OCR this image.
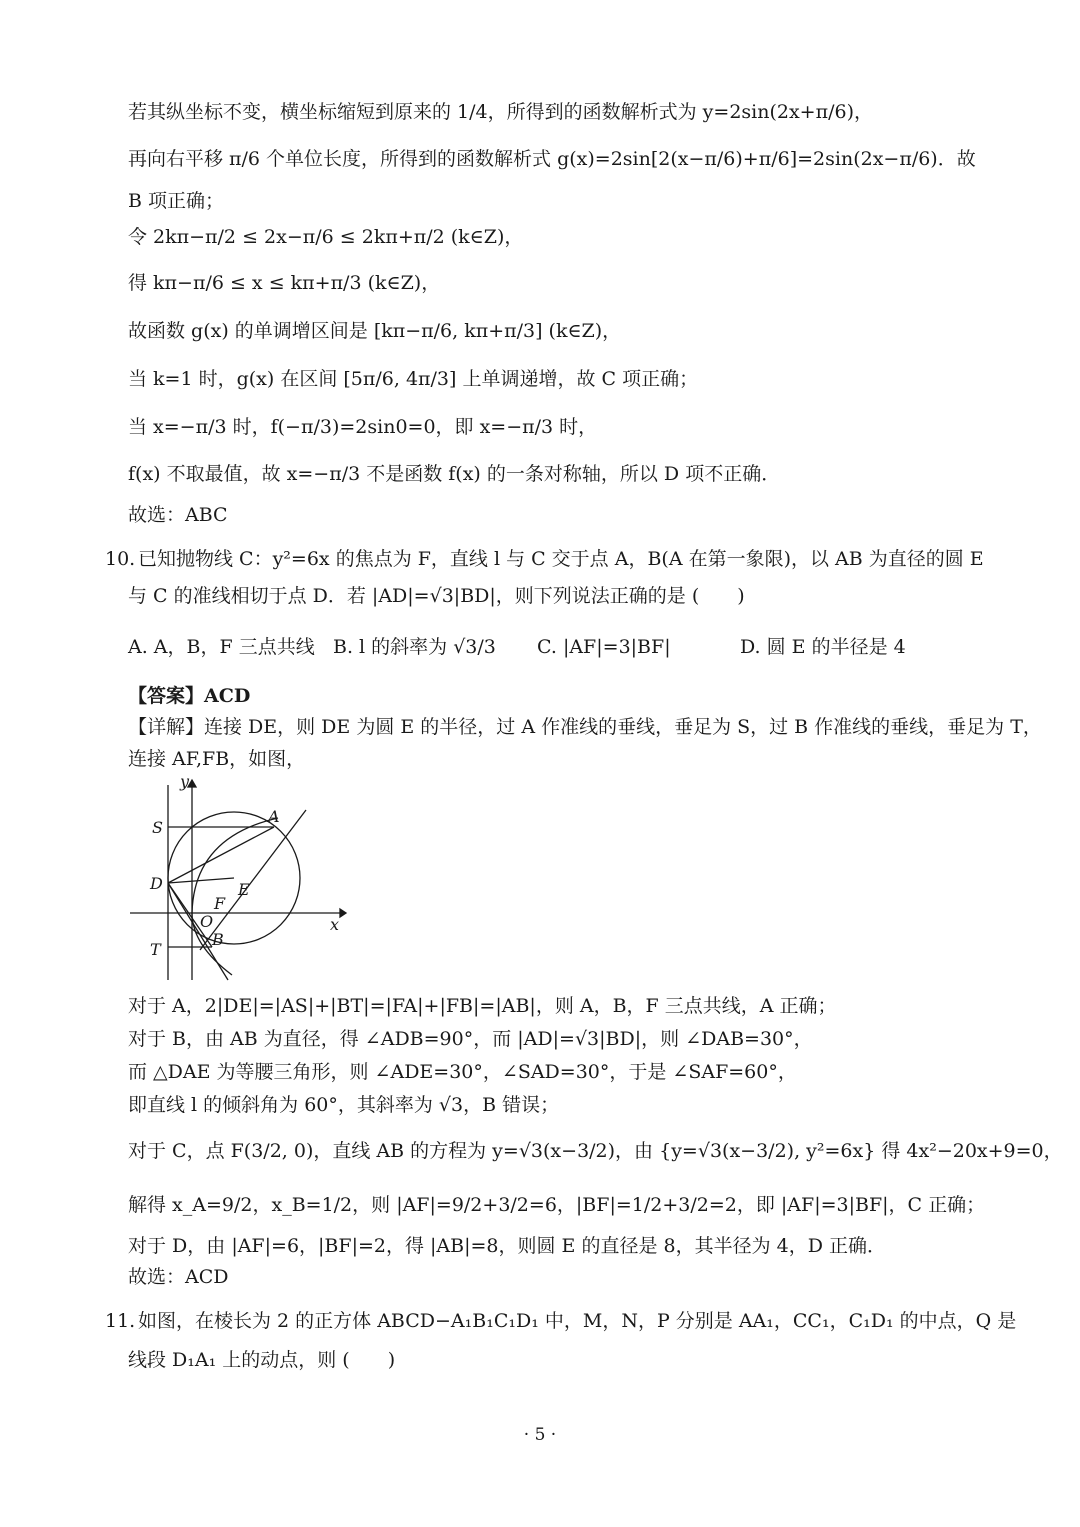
若其纵坐标不变，横坐标缩短到原来的 1/4，所得到的函数解析式为 y=2sin(2x+π/6)，
再向右平移 π/6 个单位长度，所得到的函数解析式 g(x)=2sin[2(x−π/6)+π/6]=2sin(2x−π/6)．故
B 项正确；
令 2kπ−π/2 ≤ 2x−π/6 ≤ 2kπ+π/2 (k∈Z)，
得 kπ−π/6 ≤ x ≤ kπ+π/3 (k∈Z)，
故函数 g(x) 的单调增区间是 [kπ−π/6, kπ+π/3] (k∈Z)，
当 k=1 时，g(x) 在区间 [5π/6, 4π/3] 上单调递增，故 C 项正确；
当 x=−π/3 时，f(−π/3)=2sin0=0，即 x=−π/3 时，
f(x) 不取最值，故 x=−π/3 不是函数 f(x) 的一条对称轴，所以 D 项不正确．
故选：ABC
10. 已知抛物线 C：y²=6x 的焦点为 F，直线 l 与 C 交于点 A，B(A 在第一象限)，以 AB 为直径的圆 E
与 C 的准线相切于点 D．若 |AD|=√3|BD|，则下列说法正确的是 (　　)
A. A，B，F 三点共线 B. l 的斜率为 √3/3 C. |AF|=3|BF|	D. 圆 E 的半径是 4
【答案】ACD
【详解】连接 DE，则 DE 为圆 E 的半径，过 A 作准线的垂线，垂足为 S，过 B 作准线的垂线，垂足为 T，
连接 AF,FB，如图，
y
x
S
A
D	E
F
O
B
T
对于 A，2|DE|=|AS|+|BT|=|FA|+|FB|=|AB|，则 A，B，F 三点共线，A 正确；
对于 B，由 AB 为直径，得 ∠ADB=90°，而 |AD|=√3|BD|，则 ∠DAB=30°，
而 △DAE 为等腰三角形，则 ∠ADE=30°，∠SAD=30°，于是 ∠SAF=60°，
即直线 l 的倾斜角为 60°，其斜率为 √3，B 错误；
对于 C，点 F(3/2, 0)，直线 AB 的方程为 y=√3(x−3/2)，由 {y=√3(x−3/2), y²=6x} 得 4x²−20x+9=0，
解得 x_A=9/2，x_B=1/2，则 |AF|=9/2+3/2=6，|BF|=1/2+3/2=2，即 |AF|=3|BF|，C 正确；
对于 D，由 |AF|=6，|BF|=2，得 |AB|=8，则圆 E 的直径是 8，其半径为 4，D 正确．
故选：ACD
11. 如图，在棱长为 2 的正方体 ABCD−A₁B₁C₁D₁ 中，M，N，P 分别是 AA₁，CC₁，C₁D₁ 的中点，Q 是
线段 D₁A₁ 上的动点，则 (　　)
· 5 ·
